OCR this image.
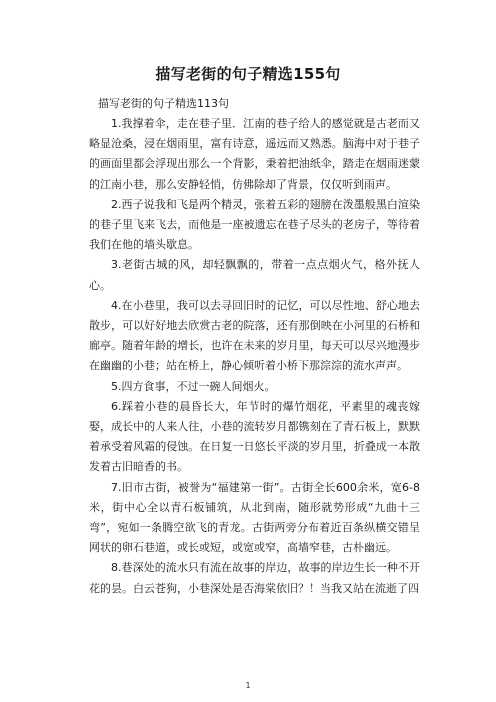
描写老街的句子精选155句

描写老街的句子精选113句

1.我撑着伞，走在巷子里．江南的巷子给人的感觉就是古老而又略显沧桑，浸在烟雨里，富有诗意，遥远而又熟悉。脑海中对于巷子的画面里都会浮现出那么一个背影，秉着把油纸伞，踏走在烟雨迷蒙的江南小巷，那么安静轻悄，仿佛除却了背景，仅仅听到雨声。

2.西子说我和飞是两个精灵，张着五彩的翅膀在泼墨般黑白渲染的巷子里飞来飞去，而他是一座被遗忘在巷子尽头的老房子，等待着我们在他的墙头歇息。

3.老街古城的风，却轻飘飘的，带着一点点烟火气，格外抚人心。

4.在小巷里，我可以去寻回旧时的记忆，可以尽性地、舒心地去散步，可以好好地去欣赏古老的院落，还有那倒映在小河里的石桥和廊亭。随着年龄的增长，也许在未来的岁月里，每天可以尽兴地漫步在幽幽的小巷；站在桥上，静心倾听着小桥下那淙淙的流水声声。

5.四方食事，不过一碗人间烟火。

6.踩着小巷的晨昏长大，年节时的爆竹烟花，平素里的魂丧嫁娶，成长中的人来人往，小巷的流转岁月都镌刻在了青石板上，默默着承受着风霜的侵蚀。在日复一日悠长平淡的岁月里，折叠成一本散发着古旧暗香的书。

7.旧市古街，被誉为“福建第一街”。古街全长600余米，宽6-8米，街中心全以青石板铺筑，从北到南，随形就势形成“九曲十三弯”，宛如一条腾空欲飞的青龙。古街两旁分布着近百条纵横交错呈网状的卵石巷道，或长或短，或宽或窄，高墙窄巷，古朴幽远。

8.巷深处的流水只有流在故事的岸边，故事的岸边生长一种不开花的昙。白云苍狗，小巷深处是否海棠依旧？！当我又站在流逝了四

1
